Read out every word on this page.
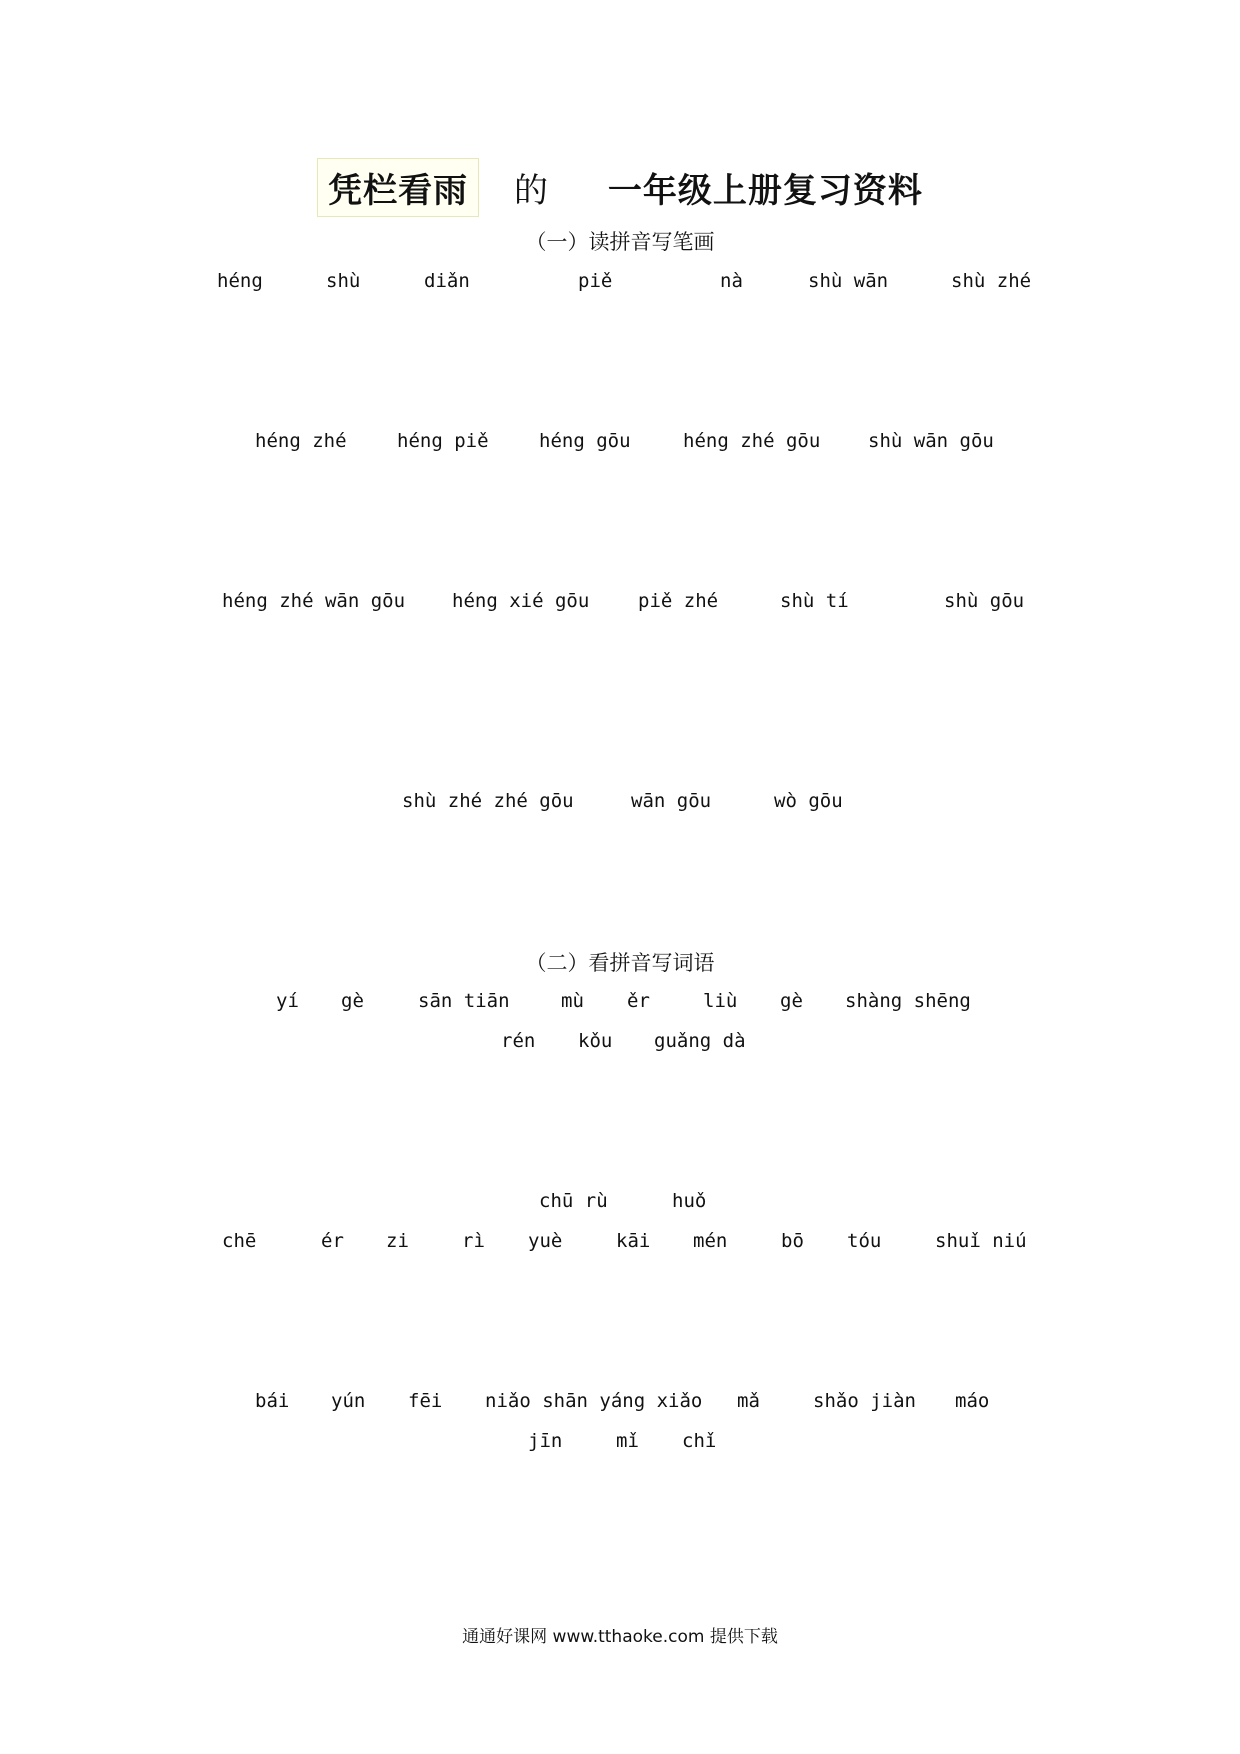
凭栏看雨 的 一年级上册复习资料
（一）读拼音写笔画
héng	shù	diǎn	piě	nà	shù wān	shù zhé
héng zhé	héng piě	héng gōu	héng zhé gōu	shù wān gōu
héng zhé wān gōu héng xié gōu	piě zhé	shù tí	shù gōu
shù zhé zhé gōu	wān gōu	wò gōu
（二）看拼音写词语
yí gè	sān tiān	mù ěr	liù gè shàng shēng
rén kǒu guǎng dà
chū rù	huǒ
chē	ér zi	rì yuè	kāi mén	bō tóu	shuǐ niú
bái yún fēi niǎo shān yáng xiǎo mǎ	shǎo jiàn máo
jīn	mǐ chǐ
通通好课网 www.tthaoke.com 提供下载
